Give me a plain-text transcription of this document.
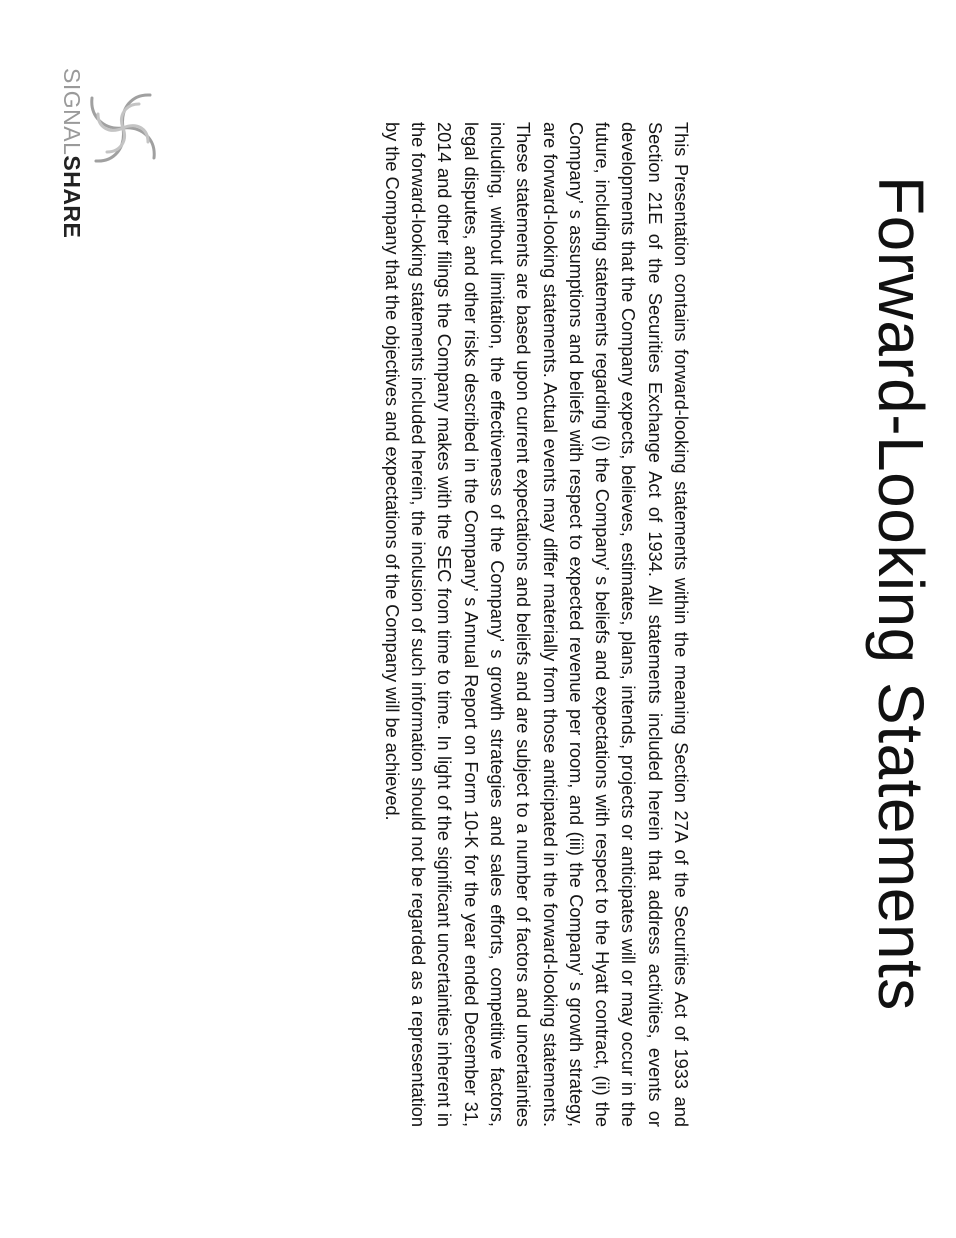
Forward-Looking Statements

This Presentation contains forward-looking statements within the meaning Section 27A of the Securities Act of 1933 and Section 21E of the Securities Exchange Act of 1934. All statements included herein that address activities, events or developments that the Company expects, believes, estimates, plans, intends, projects or anticipates will or may occur in the future, including statements regarding (i) the Company’ s beliefs and expectations with respect to the Hyatt contract, (ii) the Company’ s assumptions and beliefs with respect to expected revenue per room, and (iii) the Company’ s growth strategy, are forward-looking statements. Actual events may differ materially from those anticipated in the forward-looking statements. These statements are based upon current expectations and beliefs and are subject to a number of factors and uncertainties including, without limitation, the effectiveness of the Company’ s growth strategies and sales efforts, competitive factors, legal disputes, and other risks described in the Company’ s Annual Report on Form 10-K for the year ended December 31, 2014 and other filings the Company makes with the SEC from time to time. In light of the significant uncertainties inherent in the forward-looking statements included herein, the inclusion of such information should not be regarded as a representation by the Company that the objectives and expectations of the Company will be achieved.

SIGNALSHARE
